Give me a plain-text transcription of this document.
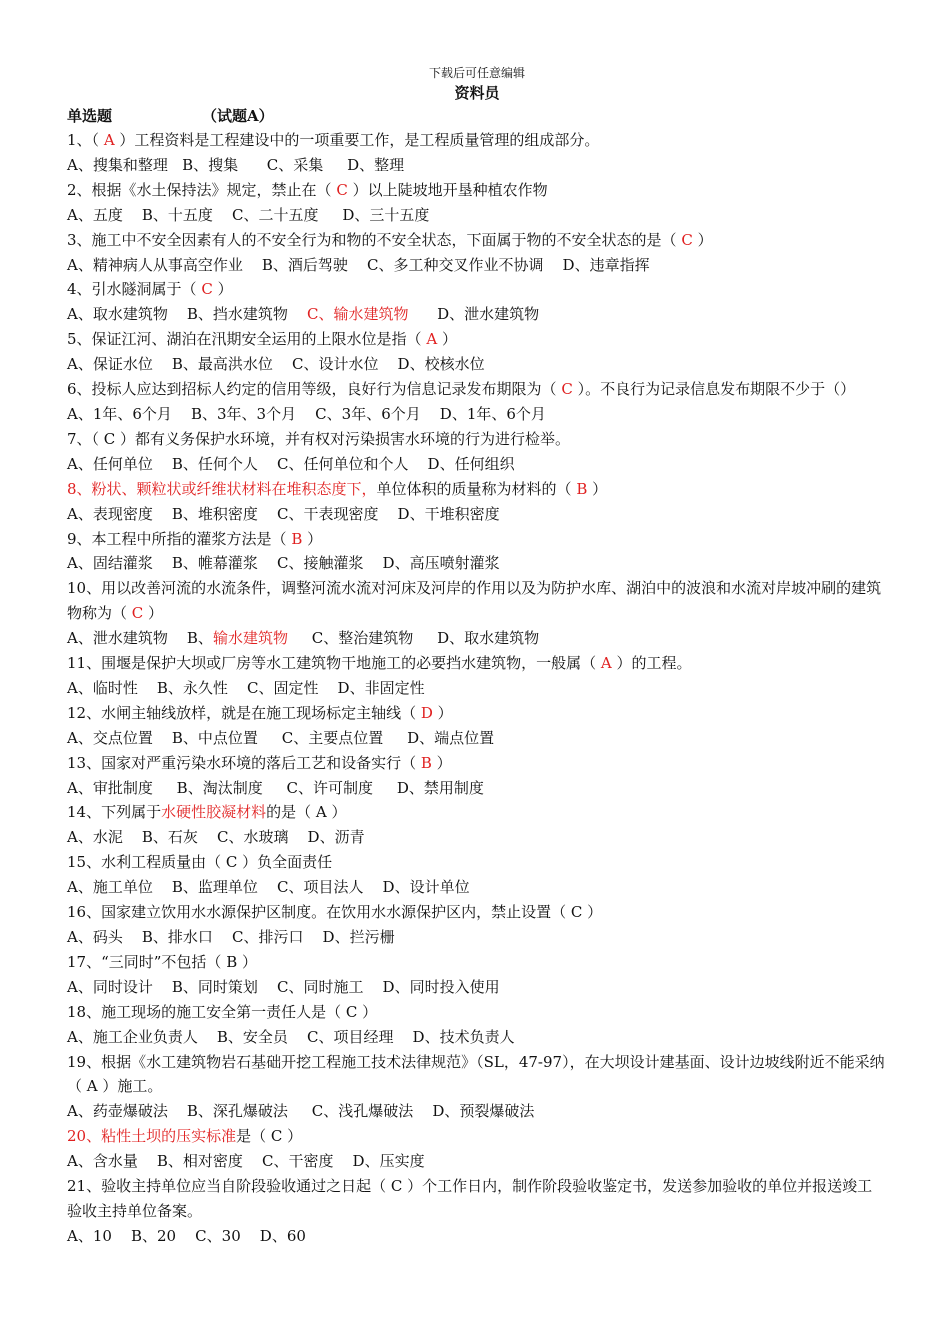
下载后可任意编辑
资料员
单选题	（试题A）
1、（ A ）工程资料是工程建设中的一项重要工作，是工程质量管理的组成部分。
A、搜集和整理   B、搜集      C、采集     D、整理
2、根据《水土保持法》规定，禁止在（ C ）以上陡坡地开垦种植农作物
A、五度    B、十五度    C、二十五度     D、三十五度
3、施工中不安全因素有人的不安全行为和物的不安全状态，下面属于物的不安全状态的是（ C ）
A、精神病人从事高空作业    B、酒后驾驶    C、多工种交叉作业不协调    D、违章指挥
4、引水隧洞属于（ C ）
A、取水建筑物    B、挡水建筑物    C、输水建筑物      D、泄水建筑物
5、保证江河、湖泊在汛期安全运用的上限水位是指（ A ）
A、保证水位    B、最高洪水位    C、设计水位    D、校核水位
6、投标人应达到招标人约定的信用等级，良好行为信息记录发布期限为（ C ）。不良行为记录信息发布期限不少于（）
A、1年、6个月    B、3年、3个月    C、3年、6个月    D、1年、6个月
7、（ C ）都有义务保护水环境，并有权对污染损害水环境的行为进行检举。
A、任何单位    B、任何个人    C、任何单位和个人    D、任何组织
8、粉状、颗粒状或纤维状材料在堆积态度下，单位体积的质量称为材料的（ B ）
A、表现密度    B、堆积密度    C、干表现密度    D、干堆积密度
9、本工程中所指的灌浆方法是（ B ）
A、固结灌浆    B、帷幕灌浆    C、接触灌浆    D、高压喷射灌浆
10、用以改善河流的水流条件，调整河流水流对河床及河岸的作用以及为防护水库、湖泊中的波浪和水流对岸坡冲刷的建筑物称为（ C ）
A、泄水建筑物    B、输水建筑物     C、整治建筑物     D、取水建筑物
11、围堰是保护大坝或厂房等水工建筑物干地施工的必要挡水建筑物，一般属（ A ）的工程。
A、临时性    B、永久性    C、固定性    D、非固定性
12、水闸主轴线放样，就是在施工现场标定主轴线（ D ）
A、交点位置    B、中点位置     C、主要点位置     D、端点位置
13、国家对严重污染水环境的落后工艺和设备实行（ B ）
A、审批制度     B、淘汰制度     C、许可制度     D、禁用制度
14、下列属于水硬性胶凝材料的是（ A ）
A、水泥    B、石灰    C、水玻璃    D、沥青
15、水利工程质量由（ C ）负全面责任
A、施工单位    B、监理单位    C、项目法人    D、设计单位
16、国家建立饮用水水源保护区制度。在饮用水水源保护区内，禁止设置（ C ）
A、码头    B、排水口    C、排污口    D、拦污栅
17、“三同时”不包括（ B ）
A、同时设计    B、同时策划    C、同时施工    D、同时投入使用
18、施工现场的施工安全第一责任人是（ C ）
A、施工企业负责人    B、安全员    C、项目经理    D、技术负责人
19、根据《水工建筑物岩石基础开挖工程施工技术法律规范》（SL，47-97），在大坝设计建基面、设计边坡线附近不能采纳（ A ）施工。
A、药壶爆破法    B、深孔爆破法     C、浅孔爆破法    D、预裂爆破法
20、粘性土坝的压实标准是（ C ）
A、含水量    B、相对密度    C、干密度    D、压实度
21、验收主持单位应当自阶段验收通过之日起（ C ）个工作日内，制作阶段验收鉴定书，发送参加验收的单位并报送竣工验收主持单位备案。
A、10    B、20    C、30    D、60
